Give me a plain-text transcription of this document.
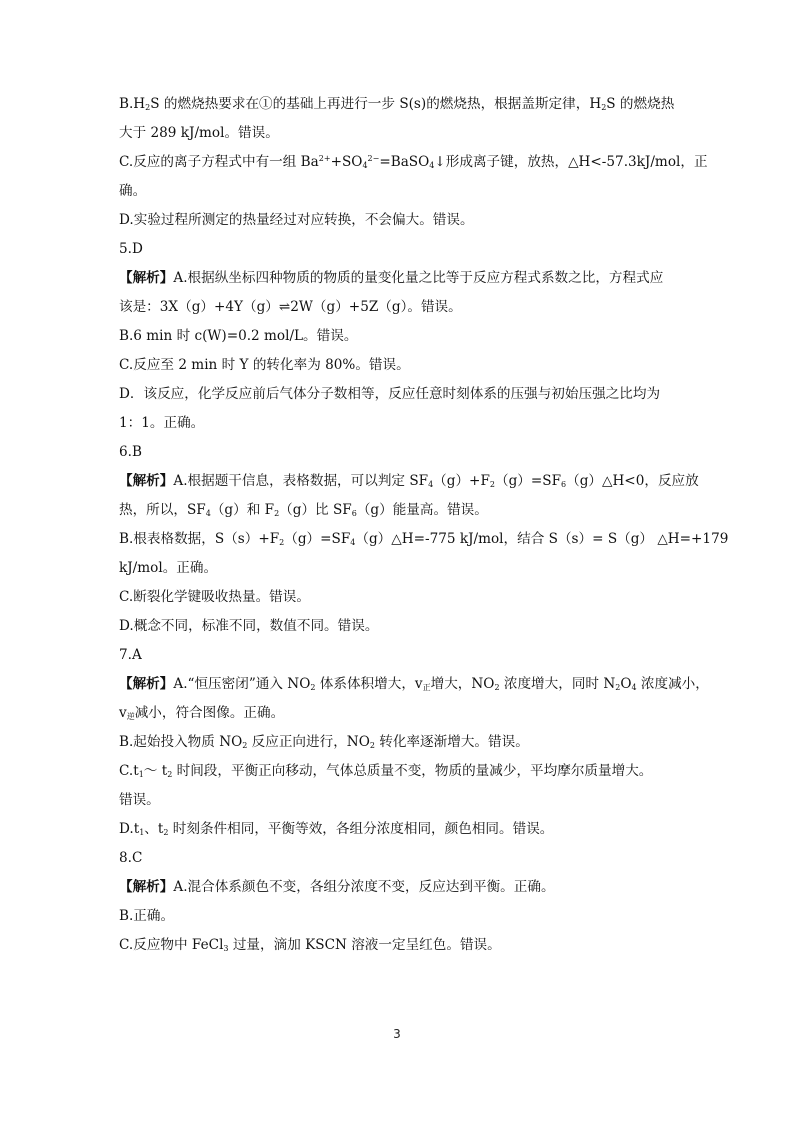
$B.H_2S$ 的燃烧热要求在①的基础上再进行一步 S(s)的燃烧热，根据盖斯定律，$H_2S$ 的燃烧热
大于 289 kJ/mol。错误。
C.反应的离子方程式中有一组 $Ba^{2+}+SO_4^{2-}=BaSO_4↓$形成离子键，放热，△H<-57.3kJ/mol，正
确。
D.实验过程所测定的热量经过对应转换，不会偏大。错误。
5.D
【解析】A.根据纵坐标四种物质的物质的量变化量之比等于反应方程式系数之比，方程式应
该是：3X（g）+4Y（g）⇌2W（g）+5Z（g）。错误。
B.6 min 时 c(W)=0.2 mol/L。错误。
C.反应至 2 min 时 Y 的转化率为 80%。错误。
D．该反应，化学反应前后气体分子数相等，反应任意时刻体系的压强与初始压强之比均为
1：1。正确。
6.B
【解析】A.根据题干信息，表格数据，可以判定 $SF_4(g)+F_2(g)=SF_6(g)\triangle H<0$，反应放
热，所以，$SF_4(g)$和 $F_2(g)$比 $SF_6(g)$能量高。错误。
B.根表格数据，$S(s)+F_2(g)=SF_4(g)\triangle H=-775$ kJ/mol，结合 S（s）= S（g） △H=+179
kJ/mol。正确。
C.断裂化学键吸收热量。错误。
D.概念不同，标准不同，数值不同。错误。
7.A
【解析】A.“恒压密闭”通入 $NO_2$ 体系体积增大，$v_正$增大，$NO_2$ 浓度增大，同时 $N_2O_4$ 浓度减小，
$v_逆$减小，符合图像。正确。
B.起始投入物质 $NO_2$ 反应正向进行，$NO_2$ 转化率逐渐增大。错误。
$C.t_1\sim$ $t_2$ 时间段，平衡正向移动，气体总质量不变，物质的量减少，平均摩尔质量增大。
错误。
$D.t_1$、$t_2$ 时刻条件相同，平衡等效，各组分浓度相同，颜色相同。错误。
8.C
【解析】A.混合体系颜色不变，各组分浓度不变，反应达到平衡。正确。
B.正确。
C.反应物中 FeCl$_3$ 过量，滴加 KSCN 溶液一定呈红色。错误。
3
